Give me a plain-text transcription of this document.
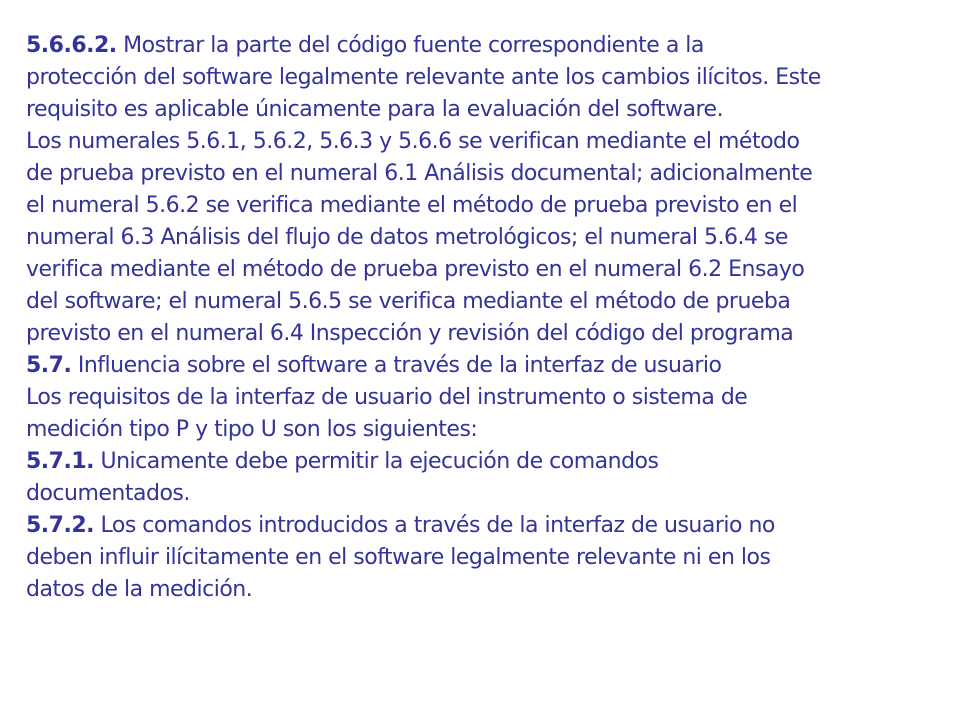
5.6.6.2. Mostrar la parte del código fuente correspondiente a la
protección del software legalmente relevante ante los cambios ilícitos. Este
requisito es aplicable únicamente para la evaluación del software.
Los numerales 5.6.1, 5.6.2, 5.6.3 y 5.6.6 se verifican mediante el método
de prueba previsto en el numeral 6.1 Análisis documental; adicionalmente
el numeral 5.6.2 se verifica mediante el método de prueba previsto en el
numeral 6.3 Análisis del flujo de datos metrológicos; el numeral 5.6.4 se
verifica mediante el método de prueba previsto en el numeral 6.2 Ensayo
del software; el numeral 5.6.5 se verifica mediante el método de prueba
previsto en el numeral 6.4 Inspección y revisión del código del programa
5.7. Influencia sobre el software a través de la interfaz de usuario
Los requisitos de la interfaz de usuario del instrumento o sistema de
medición tipo P y tipo U son los siguientes:
5.7.1. Unicamente debe permitir la ejecución de comandos
documentados.
5.7.2. Los comandos introducidos a través de la interfaz de usuario no
deben influir ilícitamente en el software legalmente relevante ni en los
datos de la medición.
